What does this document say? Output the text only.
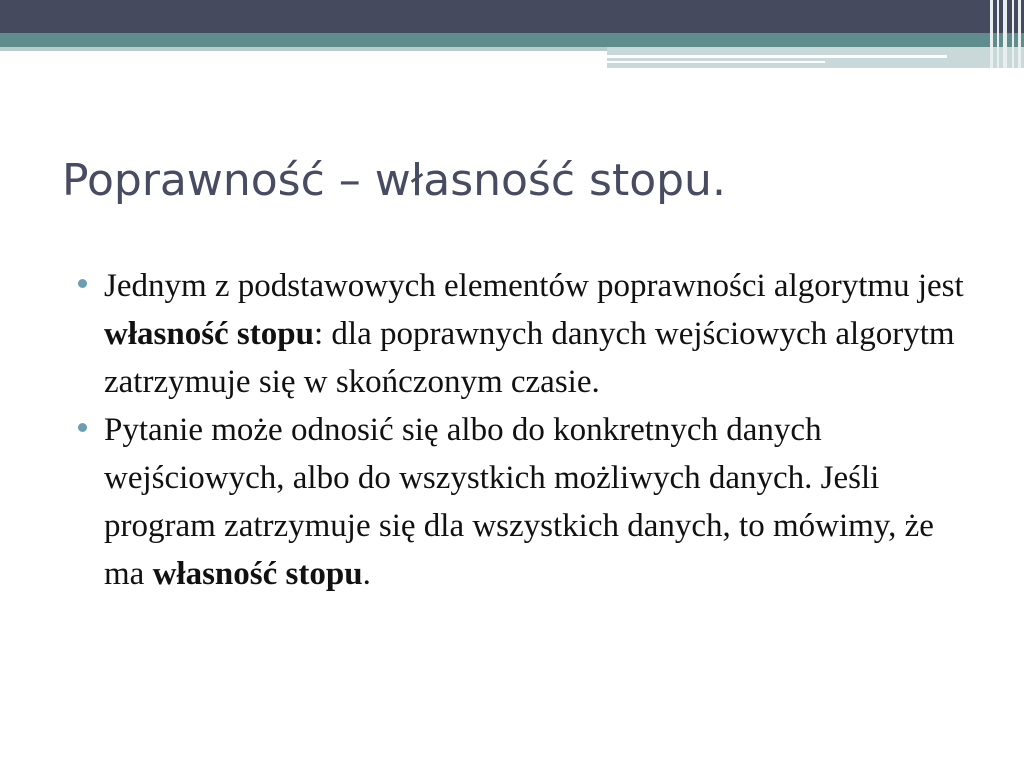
Poprawność – własność stopu.
Jednym z podstawowych elementów poprawności algorytmu jest własność stopu: dla poprawnych danych wejściowych algorytm zatrzymuje się w skończonym czasie.
Pytanie może odnosić się albo do konkretnych danych wejściowych, albo do wszystkich możliwych danych. Jeśli program zatrzymuje się dla wszystkich danych, to mówimy, że ma własność stopu.
